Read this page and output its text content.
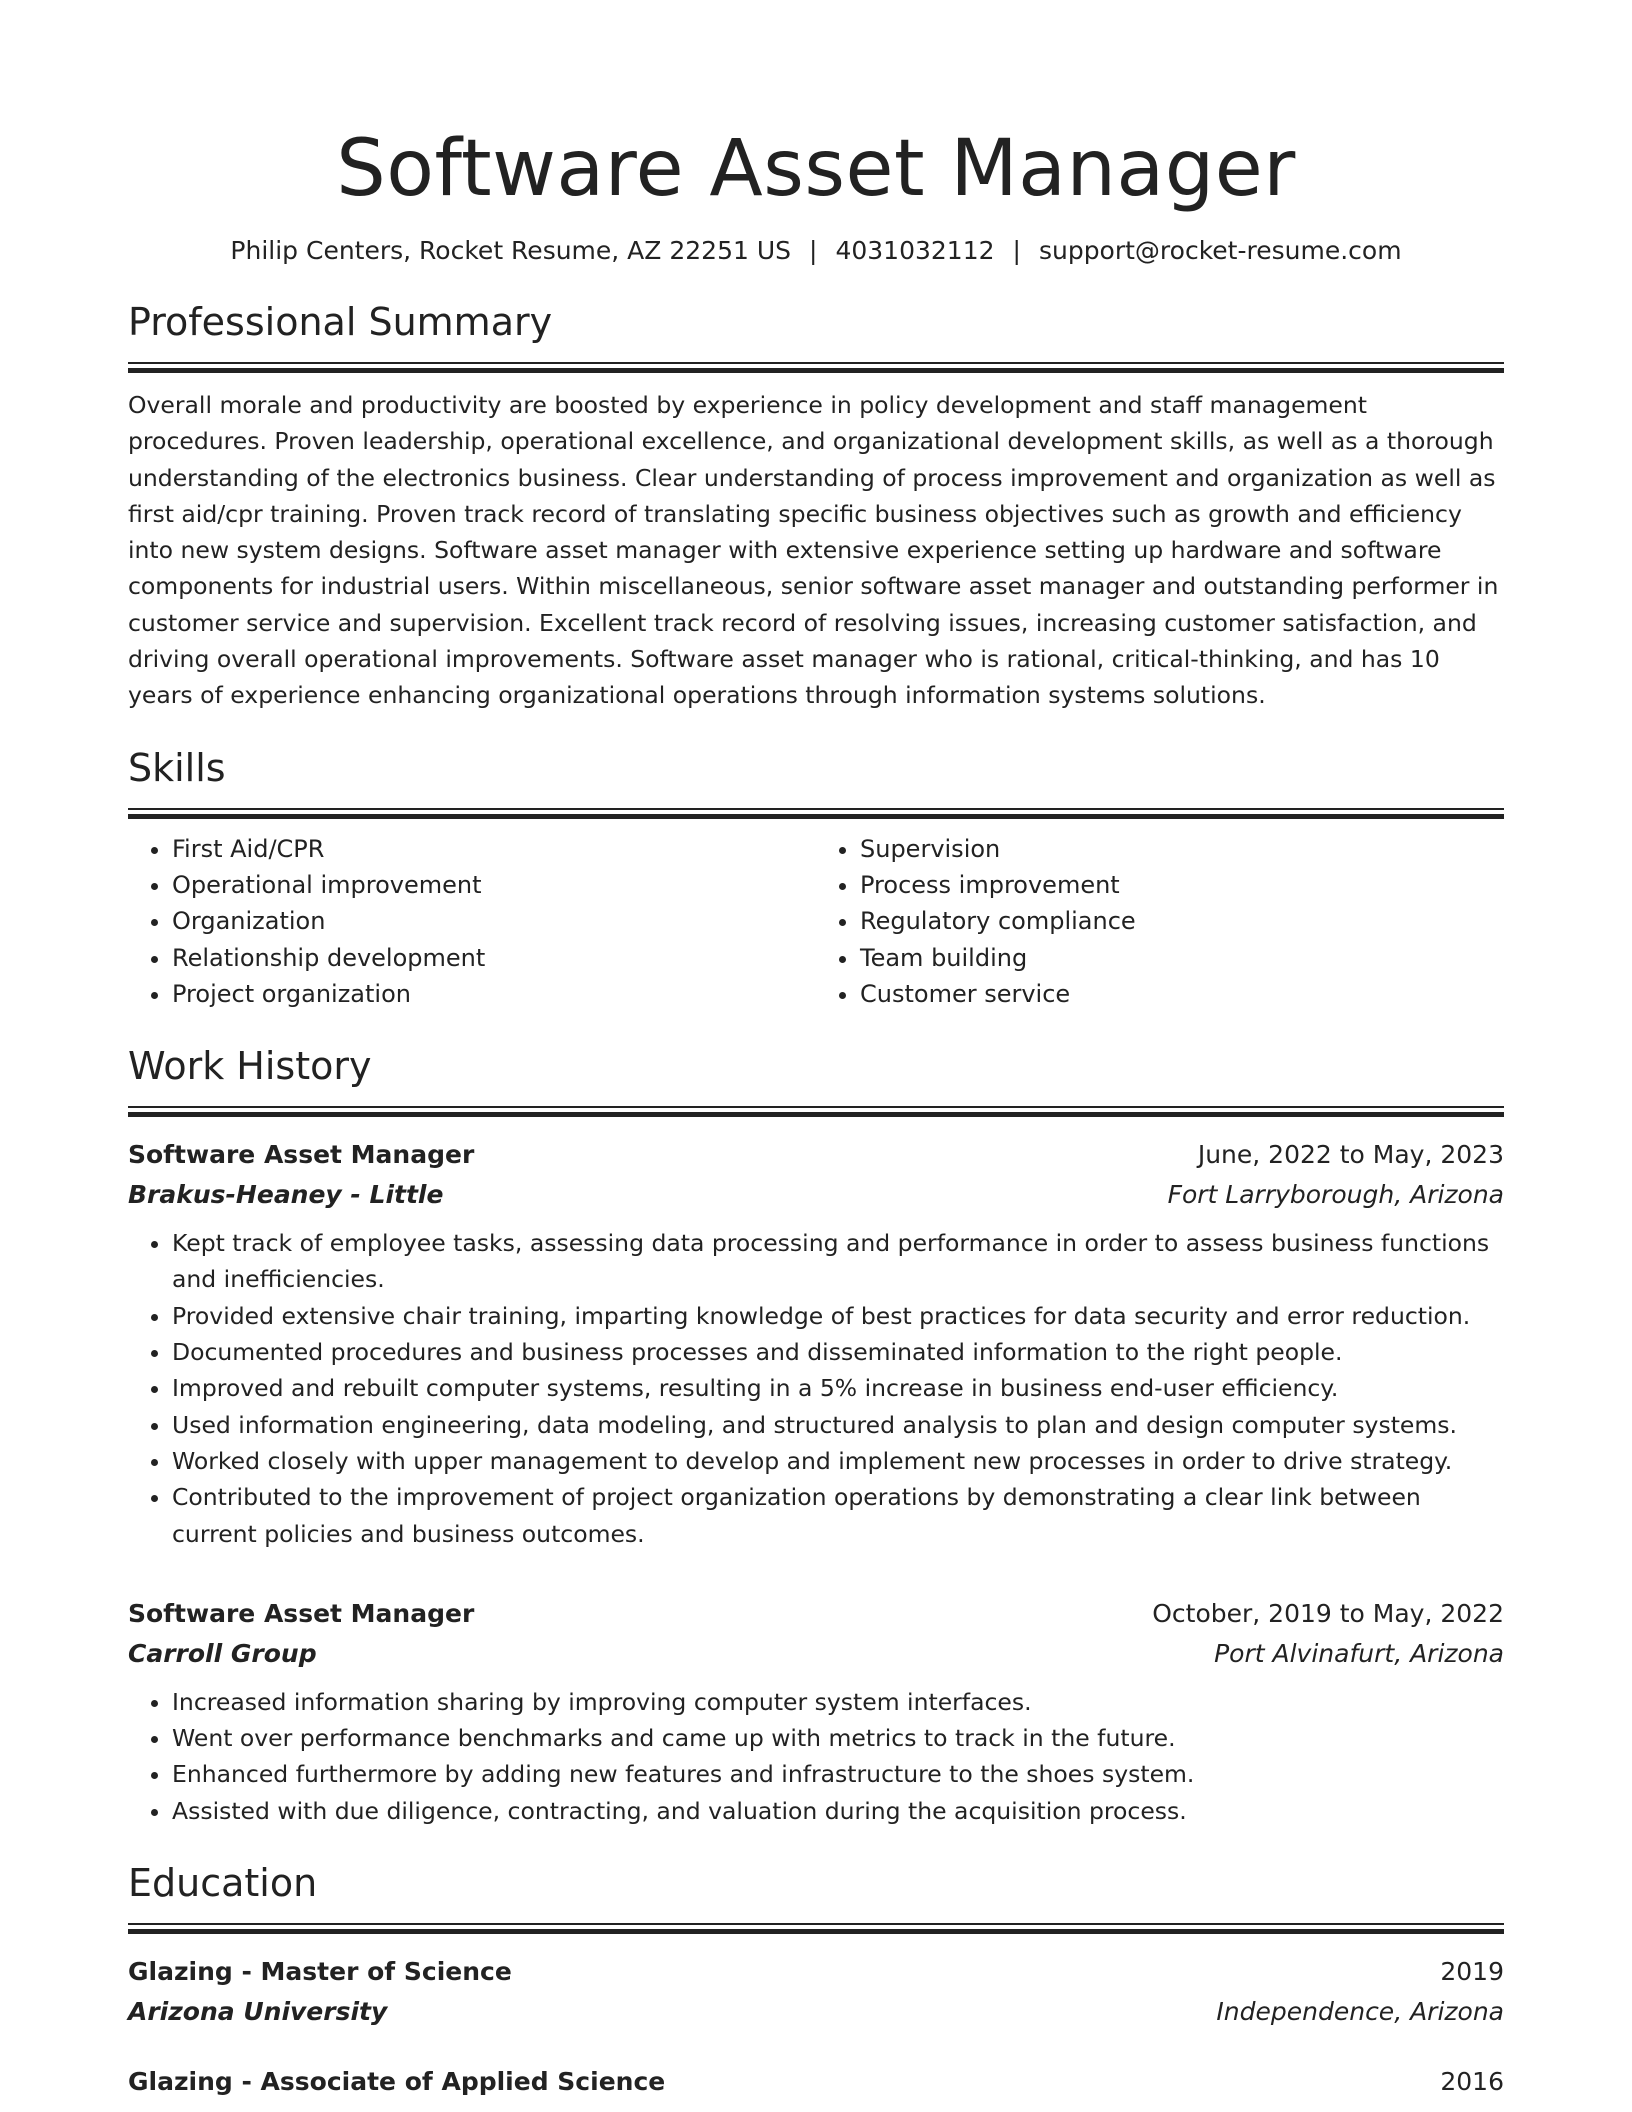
Software Asset Manager
Philip Centers, Rocket Resume, AZ 22251 US | 4031032112 | support@rocket-resume.com
Professional Summary
Overall morale and productivity are boosted by experience in policy development and staff management procedures. Proven leadership, operational excellence, and organizational development skills, as well as a thorough understanding of the electronics business. Clear understanding of process improvement and organization as well as first aid/cpr training. Proven track record of translating specific business objectives such as growth and efficiency into new system designs. Software asset manager with extensive experience setting up hardware and software components for industrial users. Within miscellaneous, senior software asset manager and outstanding performer in customer service and supervision. Excellent track record of resolving issues, increasing customer satisfaction, and driving overall operational improvements. Software asset manager who is rational, critical-thinking, and has 10 years of experience enhancing organizational operations through information systems solutions.
Skills
• First Aid/CPR
• Operational improvement
• Organization
• Relationship development
• Project organization
• Supervision
• Process improvement
• Regulatory compliance
• Team building
• Customer service
Work History
Software Asset Manager	June, 2022 to May, 2023
Brakus-Heaney - Little	Fort Larryborough, Arizona
• Kept track of employee tasks, assessing data processing and performance in order to assess business functions and inefficiencies.
• Provided extensive chair training, imparting knowledge of best practices for data security and error reduction.
• Documented procedures and business processes and disseminated information to the right people.
• Improved and rebuilt computer systems, resulting in a 5% increase in business end-user efficiency.
• Used information engineering, data modeling, and structured analysis to plan and design computer systems.
• Worked closely with upper management to develop and implement new processes in order to drive strategy.
• Contributed to the improvement of project organization operations by demonstrating a clear link between current policies and business outcomes.
Software Asset Manager	October, 2019 to May, 2022
Carroll Group	Port Alvinafurt, Arizona
• Increased information sharing by improving computer system interfaces.
• Went over performance benchmarks and came up with metrics to track in the future.
• Enhanced furthermore by adding new features and infrastructure to the shoes system.
• Assisted with due diligence, contracting, and valuation during the acquisition process.
Education
Glazing - Master of Science	2019
Arizona University	Independence, Arizona
Glazing - Associate of Applied Science	2016
